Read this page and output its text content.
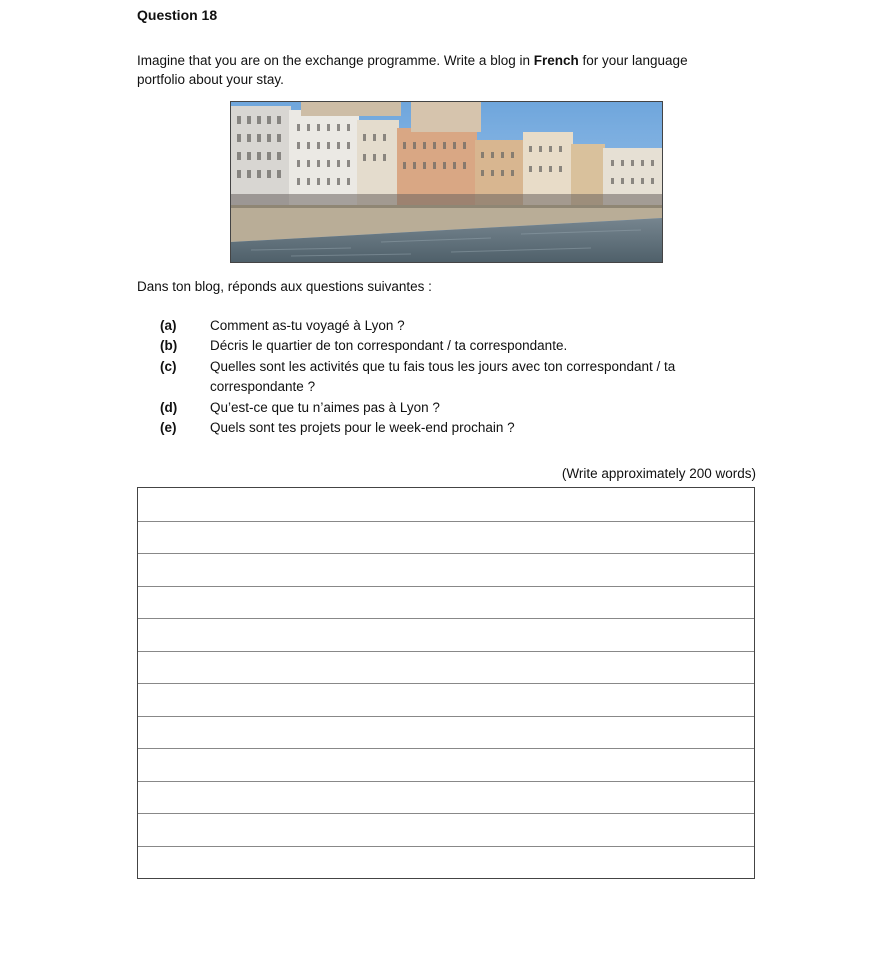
Question 18
Imagine that you are on the exchange programme. Write a blog in French for your language portfolio about your stay.
Dans ton blog, réponds aux questions suivantes :
(a)	Comment as-tu voyagé à Lyon ?
(b)	Décris le quartier de ton correspondant / ta correspondante.
(c)	Quelles sont les activités que tu fais tous les jours avec ton correspondant / ta correspondante ?
(d)	Qu’est-ce que tu n’aimes pas à Lyon ?
(e)	Quels sont tes projets pour le week-end prochain ?
(Write approximately 200 words)
